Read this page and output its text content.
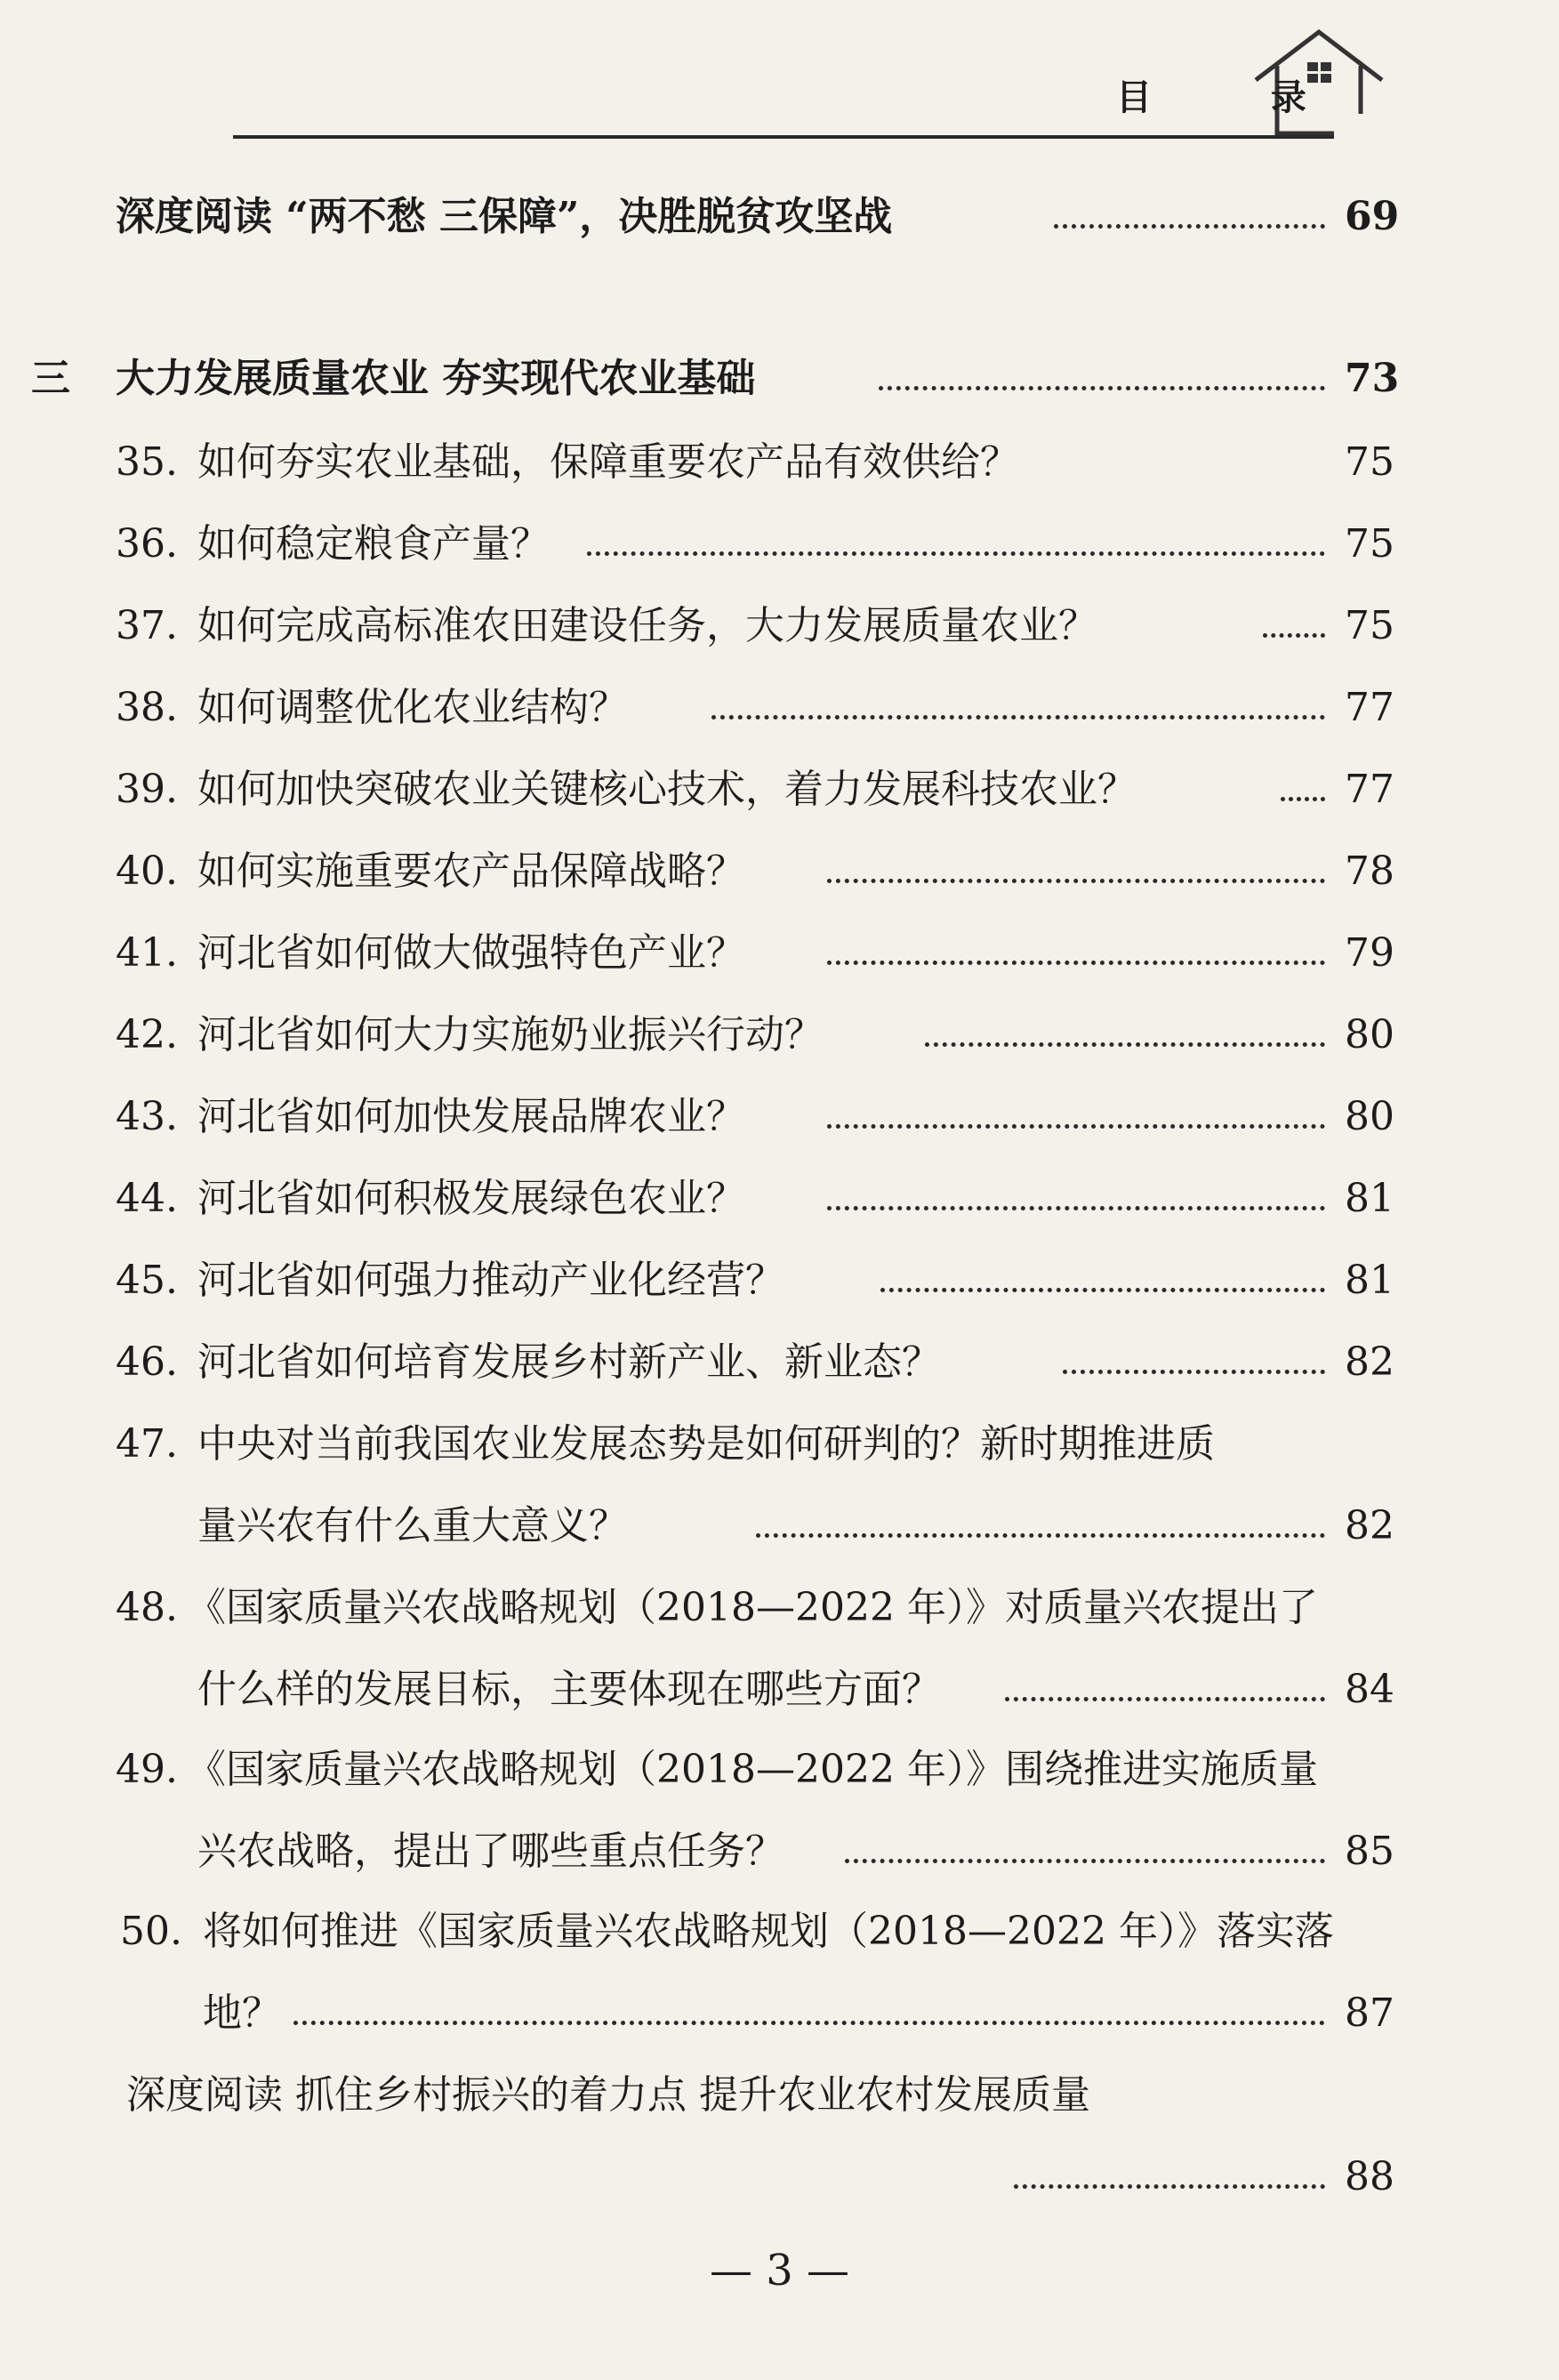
目 录
深度阅读 “两不愁 三保障”，决胜脱贫攻坚战	69
三 大力发展质量农业 夯实现代农业基础	73
35. 如何夯实农业基础，保障重要农产品有效供给？	75
36. 如何稳定粮食产量？	75
37. 如何完成高标准农田建设任务，大力发展质量农业？	75
38. 如何调整优化农业结构？	77
39. 如何加快突破农业关键核心技术，着力发展科技农业？	77
40. 如何实施重要农产品保障战略？	78
41. 河北省如何做大做强特色产业？	79
42. 河北省如何大力实施奶业振兴行动？	80
43. 河北省如何加快发展品牌农业？	80
44. 河北省如何积极发展绿色农业？	81
45. 河北省如何强力推动产业化经营？	81
46. 河北省如何培育发展乡村新产业、新业态？	82
47. 中央对当前我国农业发展态势是如何研判的？新时期推进质
量兴农有什么重大意义？	82
48. 《国家质量兴农战略规划（2018—2022 年）》对质量兴农提出了
什么样的发展目标，主要体现在哪些方面？	84
49. 《国家质量兴农战略规划（2018—2022 年）》围绕推进实施质量
兴农战略，提出了哪些重点任务？	85
50. 将如何推进《国家质量兴农战略规划（2018—2022 年）》落实落
地？	87
深度阅读 抓住乡村振兴的着力点 提升农业农村发展质量
88
— 3 —
